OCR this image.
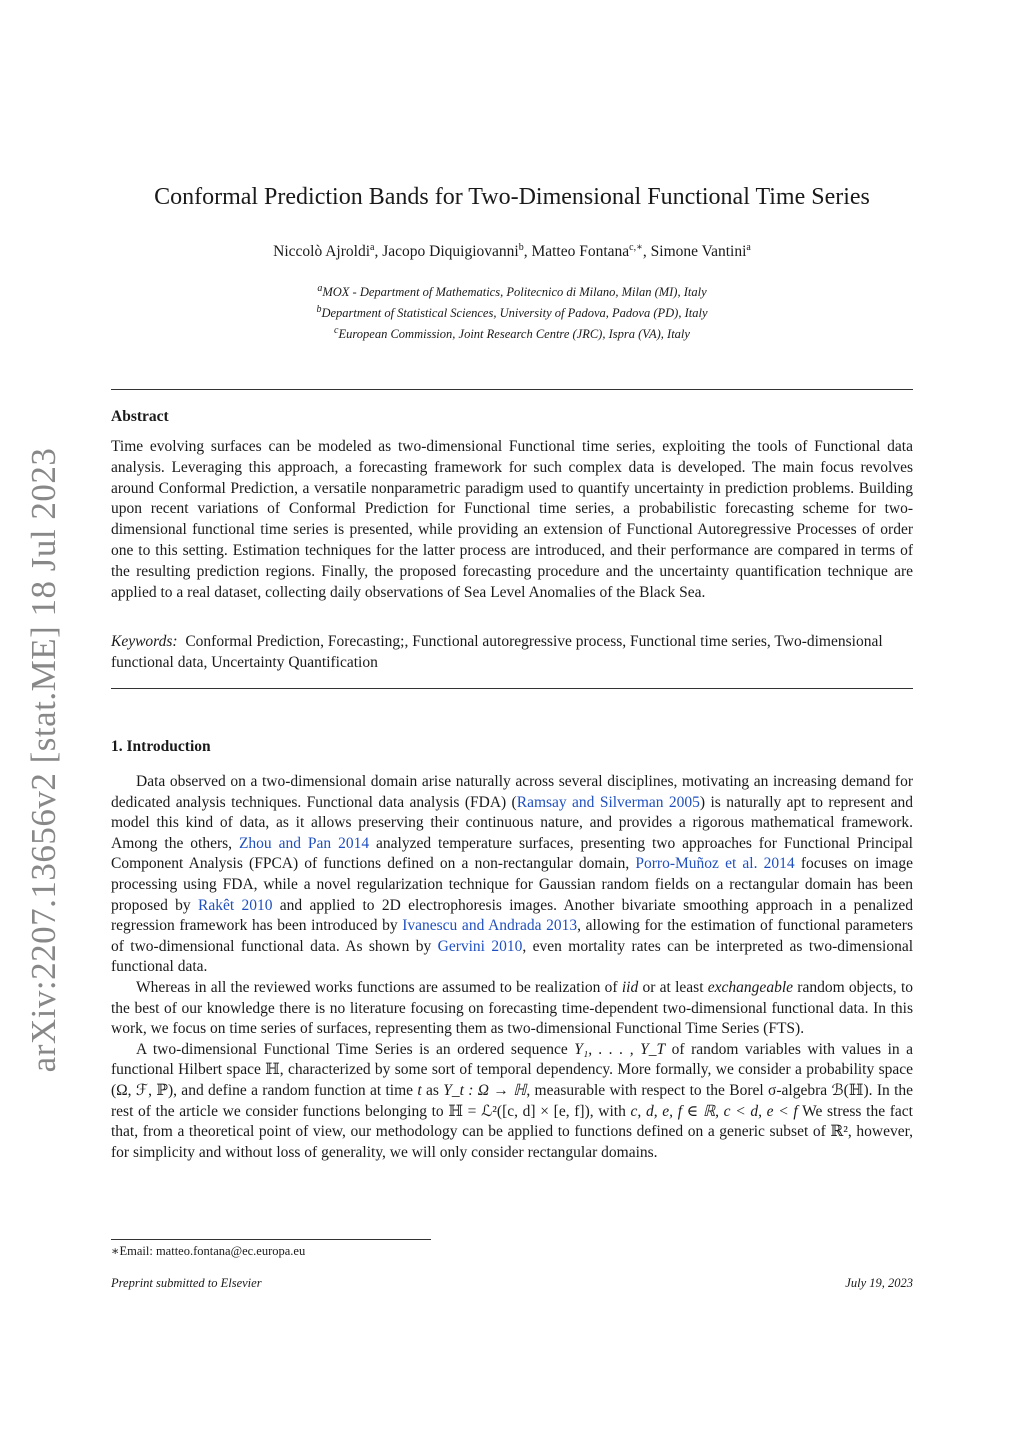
arXiv:2207.13656v2 [stat.ME] 18 Jul 2023
Conformal Prediction Bands for Two-Dimensional Functional Time Series
Niccolò Ajroldi$^a$, Jacopo Diquigiovanni$^b$, Matteo Fontana$^{c,∗}$, Simone Vantini$^a$
$^a$MOX - Department of Mathematics, Politecnico di Milano, Milan (MI), Italy
$^b$Department of Statistical Sciences, University of Padova, Padova (PD), Italy
$^c$European Commission, Joint Research Centre (JRC), Ispra (VA), Italy
Abstract
Time evolving surfaces can be modeled as two-dimensional Functional time series, exploiting the tools of Functional data analysis. Leveraging this approach, a forecasting framework for such complex data is developed. The main focus revolves around Conformal Prediction, a versatile nonparametric paradigm used to quantify uncertainty in prediction problems. Building upon recent variations of Conformal Prediction for Functional time series, a probabilistic forecasting scheme for two-dimensional functional time series is presented, while providing an extension of Functional Autoregressive Processes of order one to this setting. Estimation techniques for the latter process are introduced, and their performance are compared in terms of the resulting prediction regions. Finally, the proposed forecasting procedure and the uncertainty quantification technique are applied to a real dataset, collecting daily observations of Sea Level Anomalies of the Black Sea.
Keywords: Conformal Prediction, Forecasting;, Functional autoregressive process, Functional time series, Two-dimensional functional data, Uncertainty Quantification
1. Introduction

Data observed on a two-dimensional domain arise naturally across several disciplines, motivating an increasing demand for dedicated analysis techniques. Functional data analysis (FDA) (Ramsay and Silverman 2005) is naturally apt to represent and model this kind of data, as it allows preserving their continuous nature, and provides a rigorous mathematical framework. Among the others, Zhou and Pan 2014 analyzed temperature surfaces, presenting two approaches for Functional Principal Component Analysis (FPCA) of functions defined on a non-rectangular domain, Porro-Muñoz et al. 2014 focuses on image processing using FDA, while a novel regularization technique for Gaussian random fields on a rectangular domain has been proposed by Rakêt 2010 and applied to 2D electrophoresis images. Another bivariate smoothing approach in a penalized regression framework has been introduced by Ivanescu and Andrada 2013, allowing for the estimation of functional parameters of two-dimensional functional data. As shown by Gervini 2010, even mortality rates can be interpreted as two-dimensional functional data.

Whereas in all the reviewed works functions are assumed to be realization of iid or at least exchangeable random objects, to the best of our knowledge there is no literature focusing on forecasting time-dependent two-dimensional functional data. In this work, we focus on time series of surfaces, representing them as two-dimensional Functional Time Series (FTS).

A two-dimensional Functional Time Series is an ordered sequence Y₁, . . . , Y_T of random variables with values in a functional Hilbert space ℍ, characterized by some sort of temporal dependency. More formally, we consider a probability space (Ω, ℱ, ℙ), and define a random function at time t as Y_t : Ω → ℍ, measurable with respect to the Borel σ-algebra ℬ(ℍ). In the rest of the article we consider functions belonging to ℍ = ℒ²([c, d] × [e, f]), with c, d, e, f ∈ ℝ, c < d, e < f We stress the fact that, from a theoretical point of view, our methodology can be applied to functions defined on a generic subset of ℝ², however, for simplicity and without loss of generality, we will only consider rectangular domains.

∗Email: matteo.fontana@ec.europa.eu
Preprint submitted to Elsevier	July 19, 2023
